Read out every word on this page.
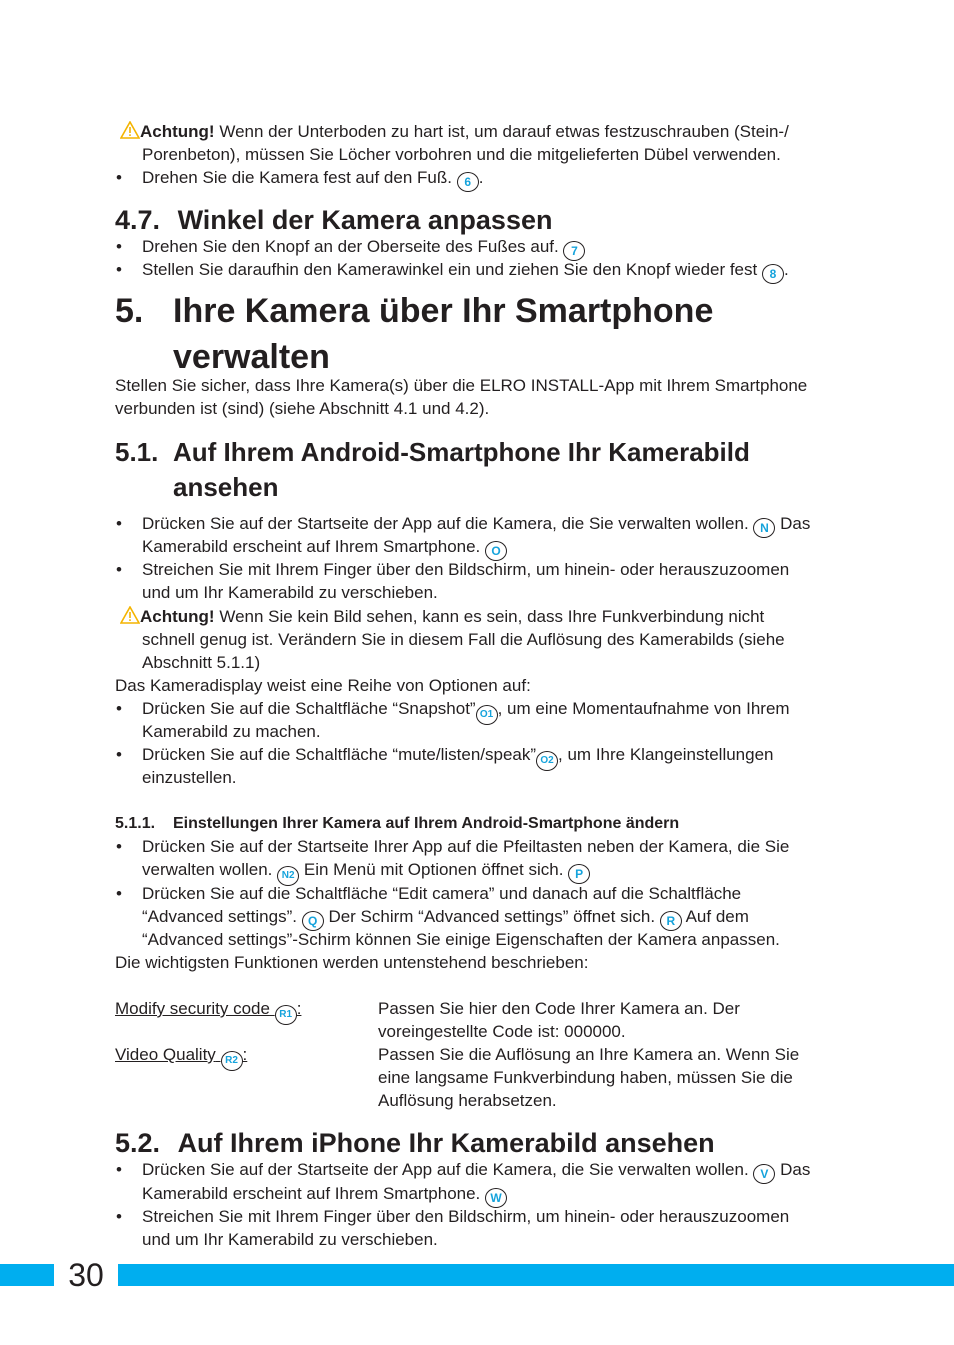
Achtung! Wenn der Unterboden zu hart ist, um darauf etwas festzuschrauben (Stein-/
Porenbeton), müssen Sie Löcher vorbohren und die mitgelieferten Dübel verwenden.
• Drehen Sie die Kamera fest auf den Fuß. 6 .
4.7. Winkel der Kamera anpassen
• Drehen Sie den Knopf an der Oberseite des Fußes auf. 7
• Stellen Sie daraufhin den Kamerawinkel ein und ziehen Sie den Knopf wieder fest 8 .
5. Ihre Kamera über Ihr Smartphone
verwalten
Stellen Sie sicher, dass Ihre Kamera(s) über die ELRO INSTALL-App mit Ihrem Smartphone
verbunden ist (sind) (siehe Abschnitt 4.1 und 4.2).
5.1. Auf Ihrem Android-Smartphone Ihr Kamerabild
ansehen
• Drücken Sie auf der Startseite der App auf die Kamera, die Sie verwalten wollen. N Das
Kamerabild erscheint auf Ihrem Smartphone. O
• Streichen Sie mit Ihrem Finger über den Bildschirm, um hinein- oder herauszuzoomen
und um Ihr Kamerabild zu verschieben.
Achtung! Wenn Sie kein Bild sehen, kann es sein, dass Ihre Funkverbindung nicht
schnell genug ist. Verändern Sie in diesem Fall die Auflösung des Kamerabilds (siehe
Abschnitt 5.1.1)
Das Kameradisplay weist eine Reihe von Optionen auf:
• Drücken Sie auf die Schaltfläche “Snapshot” O1 , um eine Momentaufnahme von Ihrem
Kamerabild zu machen.
• Drücken Sie auf die Schaltfläche “mute/listen/speak” O2 , um Ihre Klangeinstellungen
einzustellen.
5.1.1. Einstellungen Ihrer Kamera auf Ihrem Android-Smartphone ändern
• Drücken Sie auf der Startseite Ihrer App auf die Pfeiltasten neben der Kamera, die Sie
verwalten wollen. N2 Ein Menü mit Optionen öffnet sich. P
• Drücken Sie auf die Schaltfläche “Edit camera” und danach auf die Schaltfläche
“Advanced settings”. Q Der Schirm “Advanced settings” öffnet sich. R Auf dem
“Advanced settings”-Schirm können Sie einige Eigenschaften der Kamera anpassen.
Die wichtigsten Funktionen werden untenstehend beschrieben:
Modify security code R1 :	Passen Sie hier den Code Ihrer Kamera an. Der
voreingestellte Code ist: 000000.
Video Quality R2 :	Passen Sie die Auflösung an Ihre Kamera an. Wenn Sie
eine langsame Funkverbindung haben, müssen Sie die
Auflösung herabsetzen.
5.2. Auf Ihrem iPhone Ihr Kamerabild ansehen
• Drücken Sie auf der Startseite der App auf die Kamera, die Sie verwalten wollen. V Das
Kamerabild erscheint auf Ihrem Smartphone. W
• Streichen Sie mit Ihrem Finger über den Bildschirm, um hinein- oder herauszuzoomen
und um Ihr Kamerabild zu verschieben.
30
